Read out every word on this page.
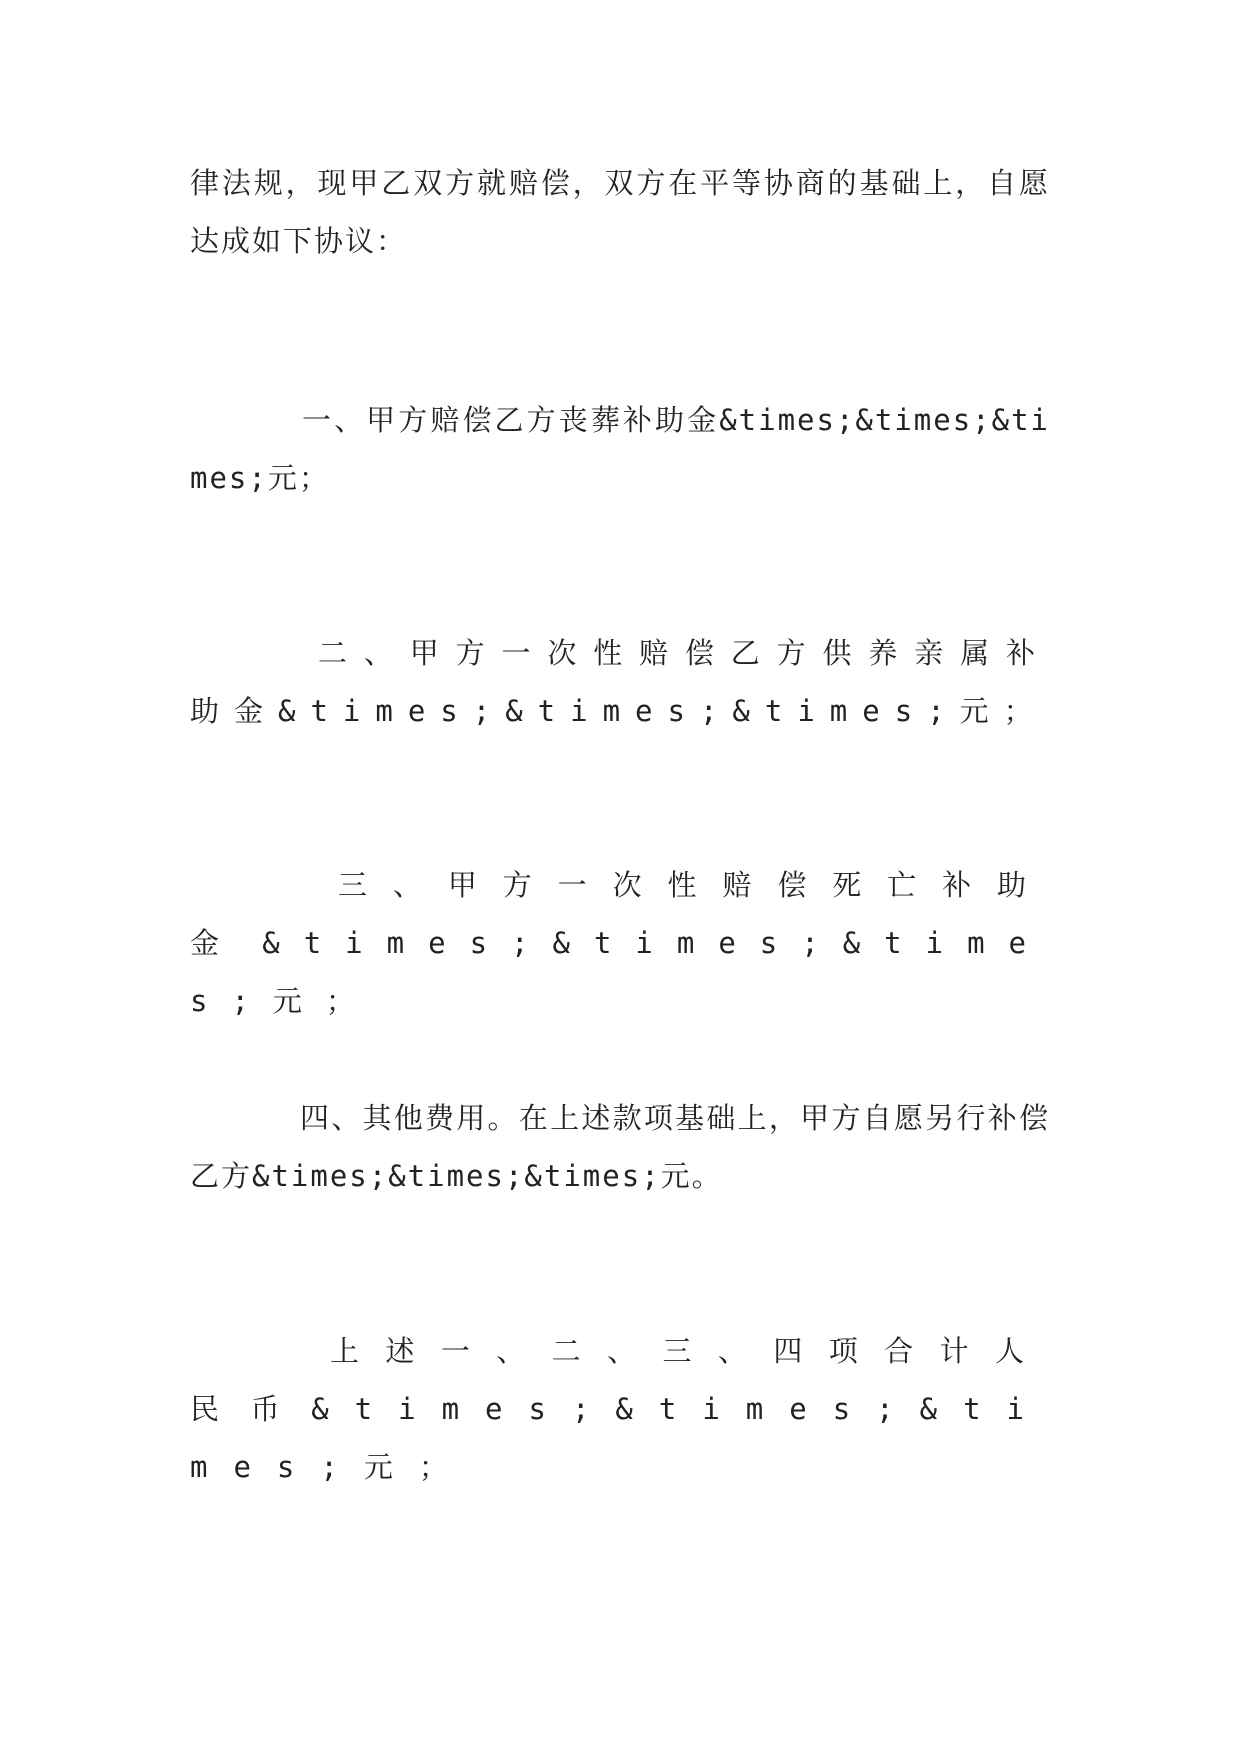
律法规，现甲乙双方就赔偿，双方在平等协商的基础上，自愿达成如下协议：

一、甲方赔偿乙方丧葬补助金&times;&times;&times;元；

二、甲方一次性赔偿乙方供养亲属补助金&times;&times;&times;元；

三、甲方一次性赔偿死亡补助金&times;&times;&times;元；

四、其他费用。在上述款项基础上，甲方自愿另行补偿乙方&times;&times;&times;元。

上述一、二、三、四项合计人民币&times;&times;&times;元；
